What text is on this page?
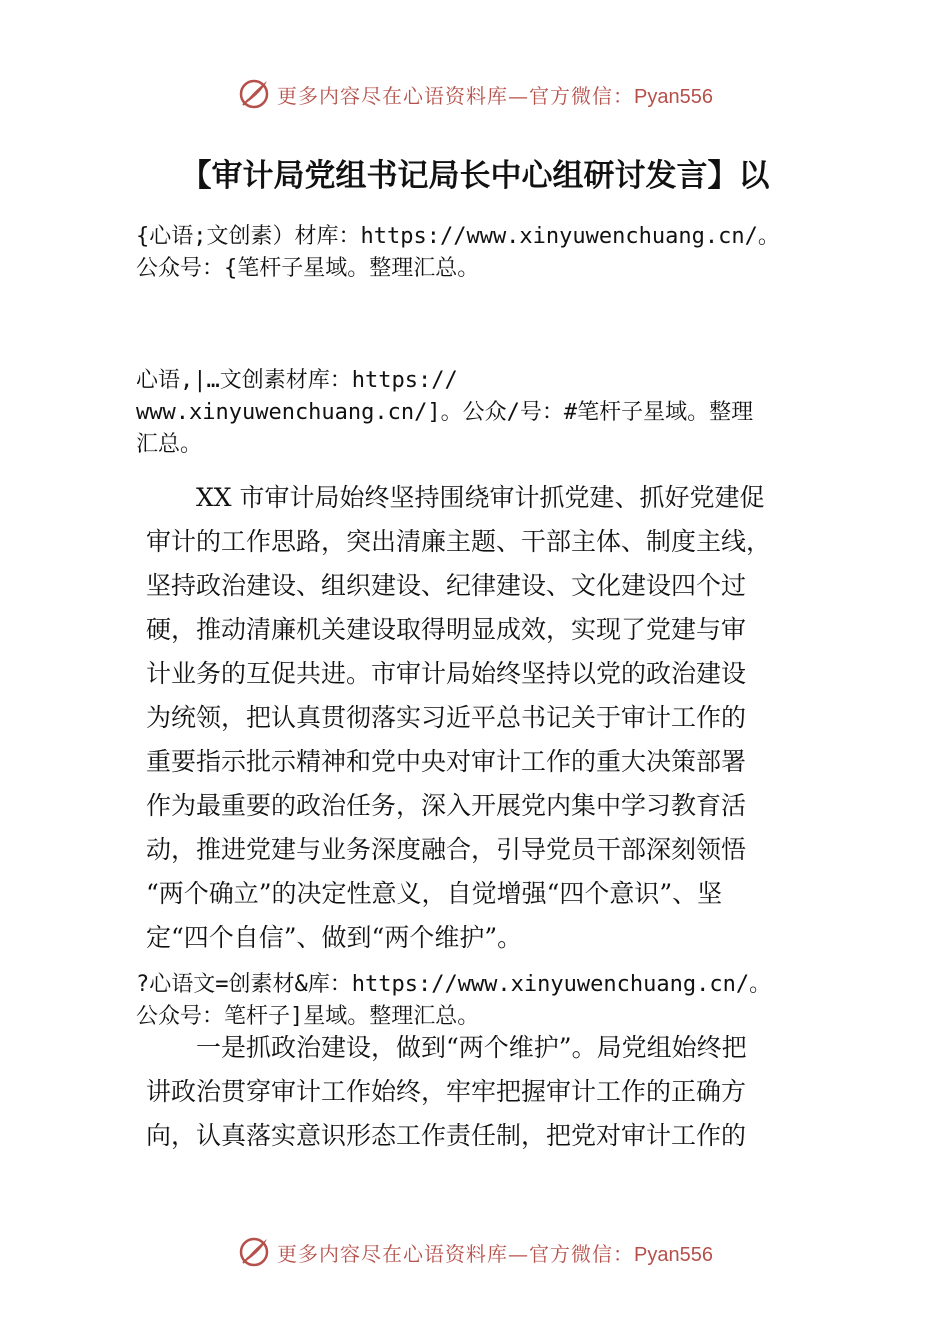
更多内容尽在心语资料库—官方微信：Pyan556
【审计局党组书记局长中心组研讨发言】以
{心语;文创素）材库：https://www.xinyuwenchuang.cn/。
公众号：{笔杆子星域。整理汇总。
心语,|…文创素材库：https://
www.xinyuwenchuang.cn/]。公众/号：#笔杆子星域。整理
汇总。
　　XX 市审计局始终坚持围绕审计抓党建、抓好党建促
审计的工作思路，突出清廉主题、干部主体、制度主线，
坚持政治建设、组织建设、纪律建设、文化建设四个过
硬，推动清廉机关建设取得明显成效，实现了党建与审
计业务的互促共进。市审计局始终坚持以党的政治建设
为统领，把认真贯彻落实习近平总书记关于审计工作的
重要指示批示精神和党中央对审计工作的重大决策部署
作为最重要的政治任务，深入开展党内集中学习教育活
动，推进党建与业务深度融合，引导党员干部深刻领悟
“两个确立”的决定性意义，自觉增强“四个意识”、坚
定“四个自信”、做到“两个维护”。
?心语文=创素材&库：https://www.xinyuwenchuang.cn/。
公众号：笔杆子]星域。整理汇总。
　　一是抓政治建设，做到“两个维护”。局党组始终把
讲政治贯穿审计工作始终，牢牢把握审计工作的正确方
向，认真落实意识形态工作责任制，把党对审计工作的
更多内容尽在心语资料库—官方微信：Pyan556
